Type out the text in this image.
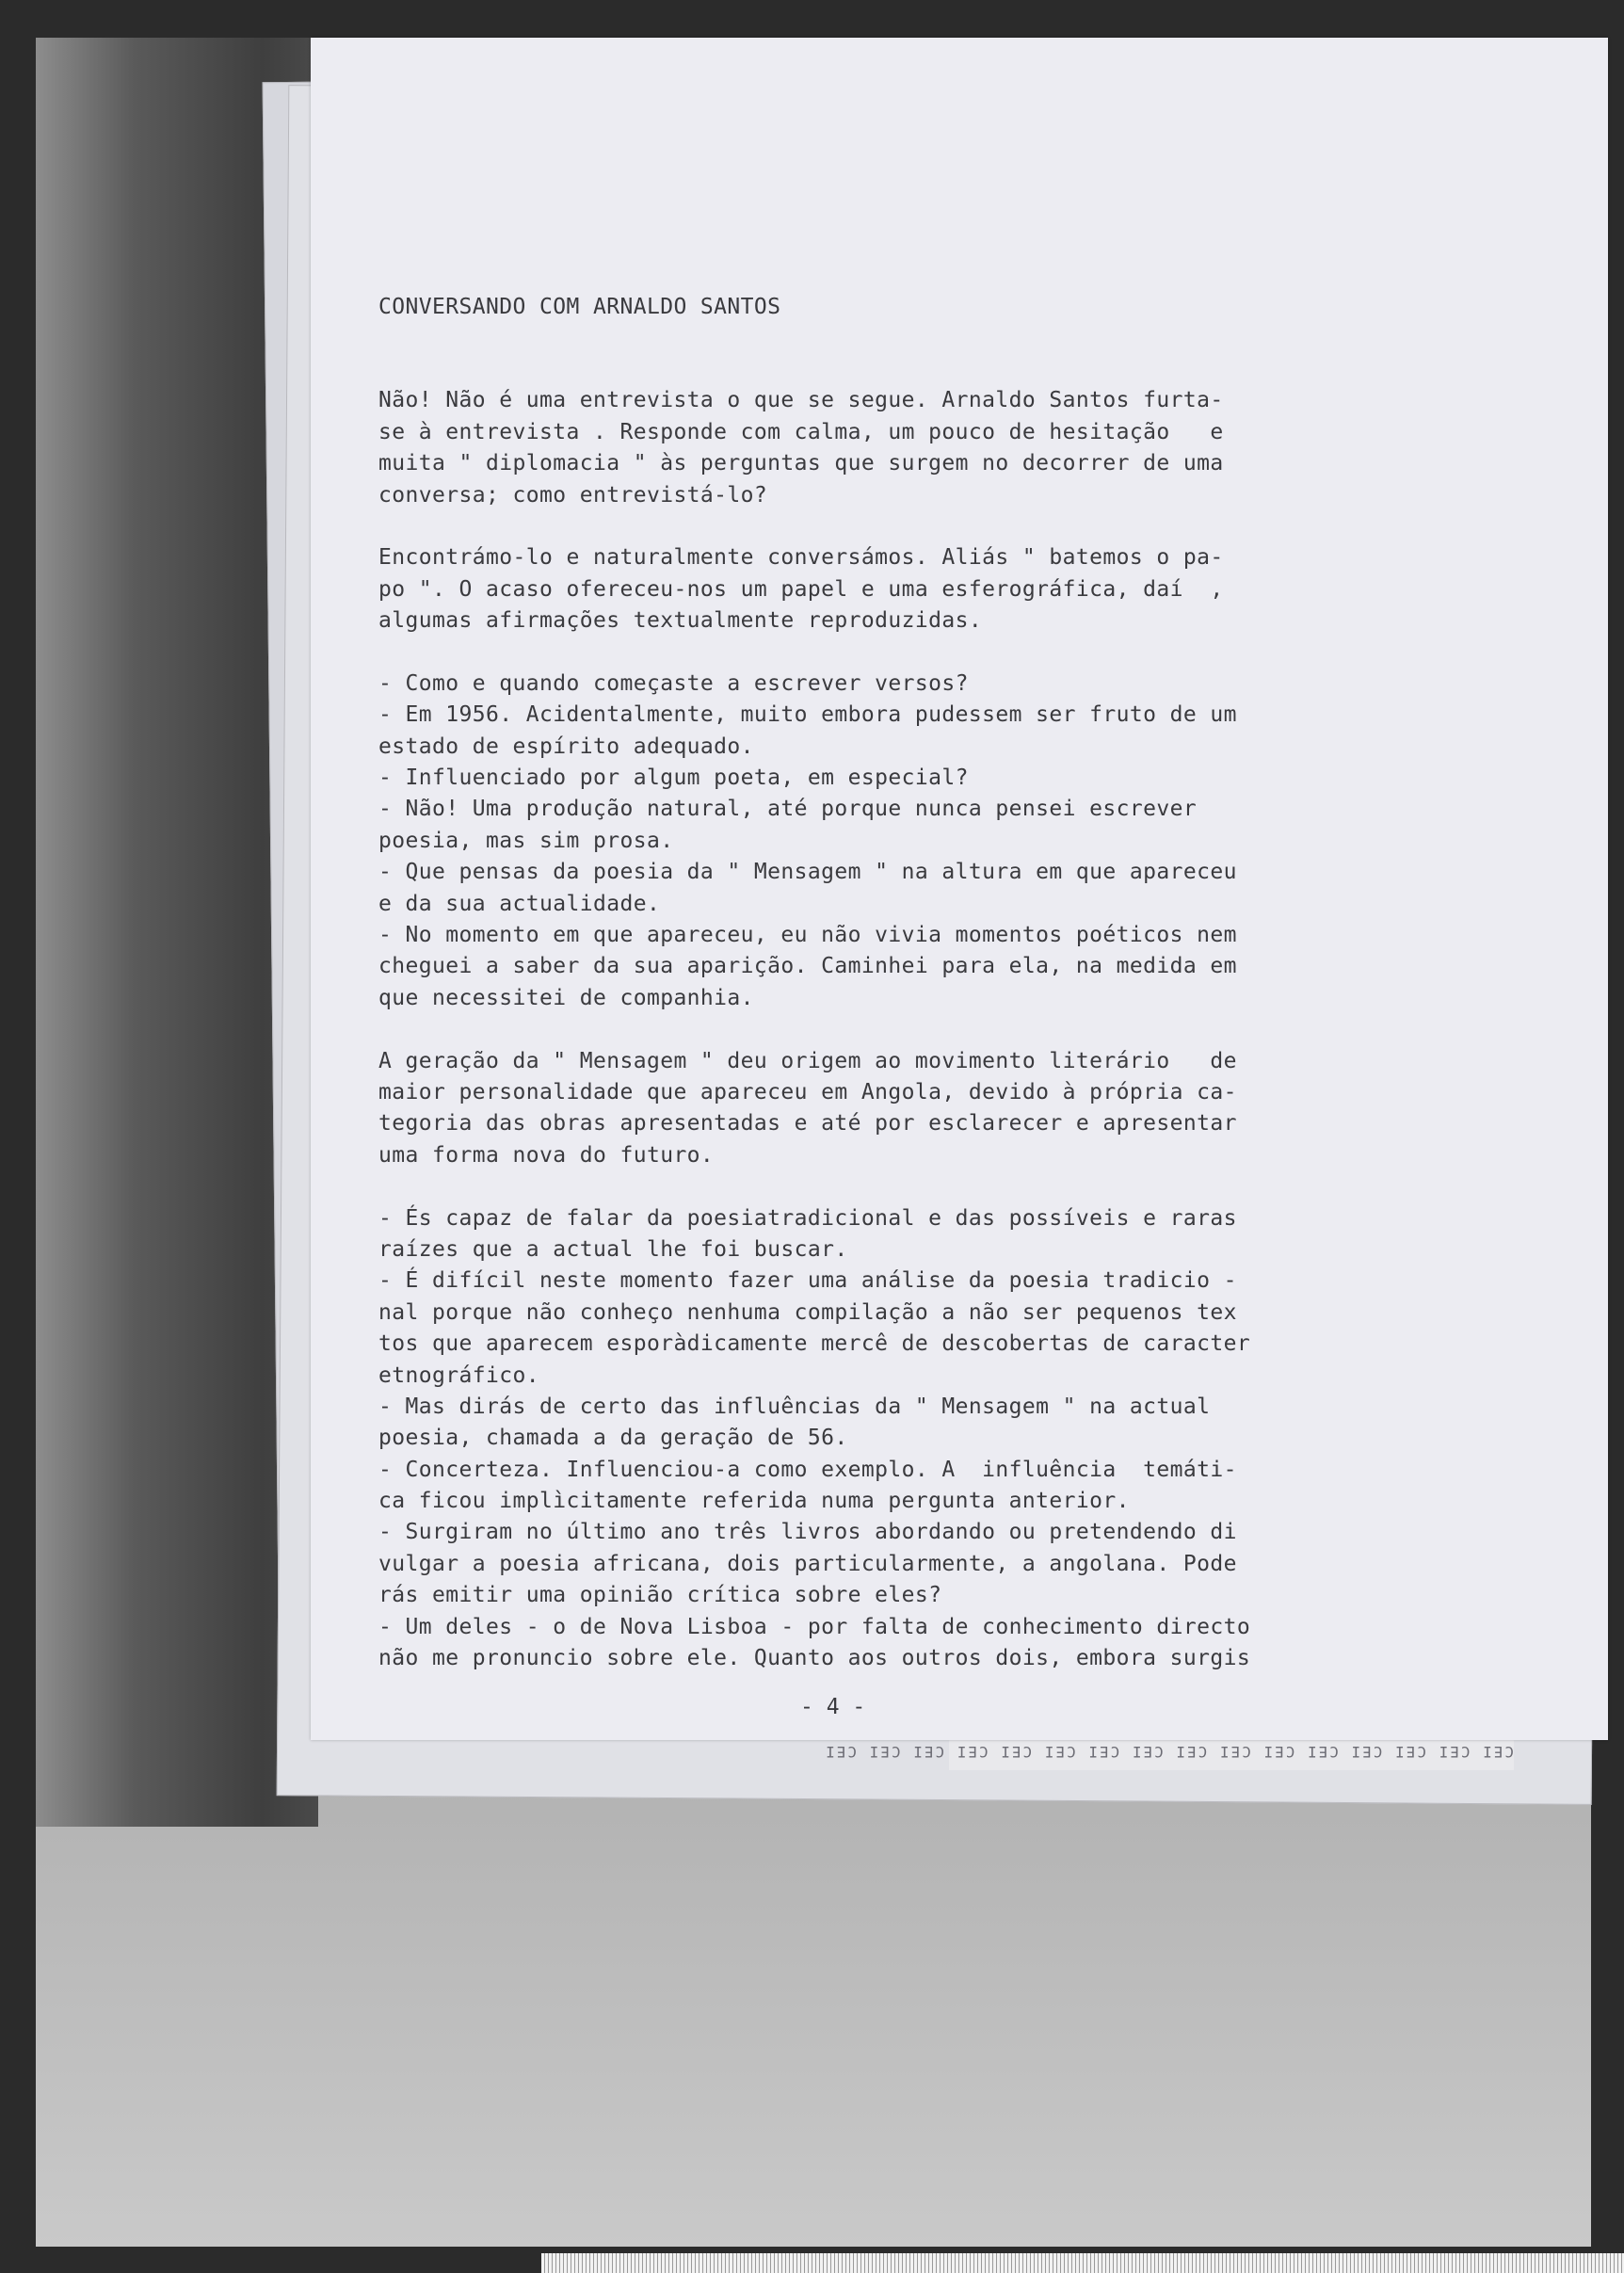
CEI CEI CEI CEI CEI CEI CEI CEI CEI CEI CEI CEI CEI CEI CEI CEI
CONVERSANDO COM ARNALDO SANTOS
Não! Não é uma entrevista o que se segue. Arnaldo Santos furta-
se à entrevista . Responde com calma, um pouco de hesitação   e
muita " diplomacia " às perguntas que surgem no decorrer de uma
conversa; como entrevistá-lo?
Encontrámo-lo e naturalmente conversámos. Aliás " batemos o pa-
po ". O acaso ofereceu-nos um papel e uma esferográfica, daí  ,
algumas afirmações textualmente reproduzidas.
- Como e quando começaste a escrever versos?
- Em 1956. Acidentalmente, muito embora pudessem ser fruto de um
estado de espírito adequado.
- Influenciado por algum poeta, em especial?
- Não! Uma produção natural, até porque nunca pensei escrever
poesia, mas sim prosa.
- Que pensas da poesia da " Mensagem " na altura em que apareceu
e da sua actualidade.
- No momento em que apareceu, eu não vivia momentos poéticos nem
cheguei a saber da sua aparição. Caminhei para ela, na medida em
que necessitei de companhia.
A geração da " Mensagem " deu origem ao movimento literário   de
maior personalidade que apareceu em Angola, devido à própria ca-
tegoria das obras apresentadas e até por esclarecer e apresentar
uma forma nova do futuro.
- És capaz de falar da poesiatradicional e das possíveis e raras
raízes que a actual lhe foi buscar.
- É difícil neste momento fazer uma análise da poesia tradicio -
nal porque não conheço nenhuma compilação a não ser pequenos tex
tos que aparecem esporàdicamente mercê de descobertas de caracter
etnográfico.
- Mas dirás de certo das influências da " Mensagem " na actual
poesia, chamada a da geração de 56.
- Concerteza. Influenciou-a como exemplo. A  influência  temáti-
ca ficou implìcitamente referida numa pergunta anterior.
- Surgiram no último ano três livros abordando ou pretendendo di
vulgar a poesia africana, dois particularmente, a angolana. Pode
rás emitir uma opinião crítica sobre eles?
- Um deles - o de Nova Lisboa - por falta de conhecimento directo
não me pronuncio sobre ele. Quanto aos outros dois, embora surgis
- 4 -
